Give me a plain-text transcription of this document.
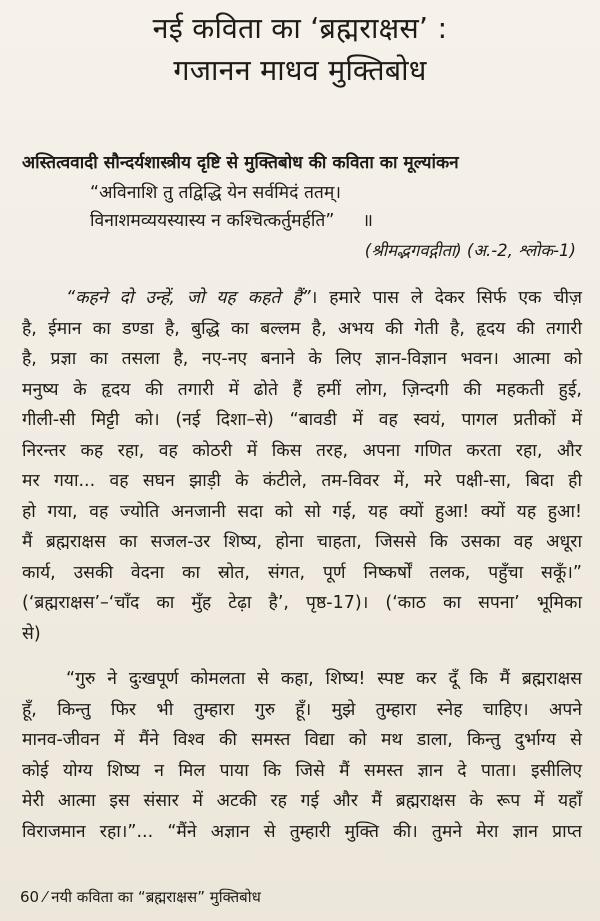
नई कविता का ‘ब्रह्मराक्षस’ :
गजानन माधव मुक्तिबोध
अस्तित्ववादी सौन्दर्यशास्त्रीय दृष्टि से मुक्तिबोध की कविता का मूल्यांकन
“अविनाशि तु तद्विद्धि येन सर्वमिदं ततम्।
विनाशमव्ययस्यास्य न कश्चित्कर्तुमर्हति” ॥
(श्रीमद्भगवद्गीता) (अ.-2, श्लोक-1)
“कहने दो उन्हें, जो यह कहते हैं”। हमारे पास ले देकर सिर्फ एक चीज़
है, ईमान का डण्डा है, बुद्धि का बल्लम है, अभय की गेती है, हृदय की तगारी
है, प्रज्ञा का तसला है, नए-नए बनाने के लिए ज्ञान-विज्ञान भवन। आत्मा को
मनुष्य के हृदय की तगारी में ढोते हैं हमीं लोग, ज़िन्दगी की महकती हुई,
गीली-सी मिट्टी को। (नई दिशा–से) “बावडी में वह स्वयं, पागल प्रतीकों में
निरन्तर कह रहा, वह कोठरी में किस तरह, अपना गणित करता रहा, और
मर गया... वह सघन झाड़ी के कंटीले, तम-विवर में, मरे पक्षी-सा, बिदा ही
हो गया, वह ज्योति अनजानी सदा को सो गई, यह क्यों हुआ! क्यों यह हुआ!
मैं ब्रह्मराक्षस का सजल-उर शिष्य, होना चाहता, जिससे कि उसका वह अधूरा
कार्य, उसकी वेदना का स्रोत, संगत, पूर्ण निष्कर्षों तलक, पहुँचा सकूँ।”
(‘ब्रह्मराक्षस’–‘चाँद का मुँह टेढ़ा है’, पृष्ठ-17)। (‘काठ का सपना’ भूमिका
से)
“गुरु ने दुःखपूर्ण कोमलता से कहा, शिष्य! स्पष्ट कर दूँ कि मैं ब्रह्मराक्षस
हूँ, किन्तु फिर भी तुम्हारा गुरु हूँ। मुझे तुम्हारा स्नेह चाहिए। अपने
मानव-जीवन में मैंने विश्व की समस्त विद्या को मथ डाला, किन्तु दुर्भाग्य से
कोई योग्य शिष्य न मिल पाया कि जिसे मैं समस्त ज्ञान दे पाता। इसीलिए
मेरी आत्मा इस संसार में अटकी रह गई और मैं ब्रह्मराक्षस के रूप में यहाँ
विराजमान रहा।”... “मैंने अज्ञान से तुम्हारी मुक्ति की। तुमने मेरा ज्ञान प्राप्त
60 ⁄ नयी कविता का “ब्रह्मराक्षस” मुक्तिबोध
